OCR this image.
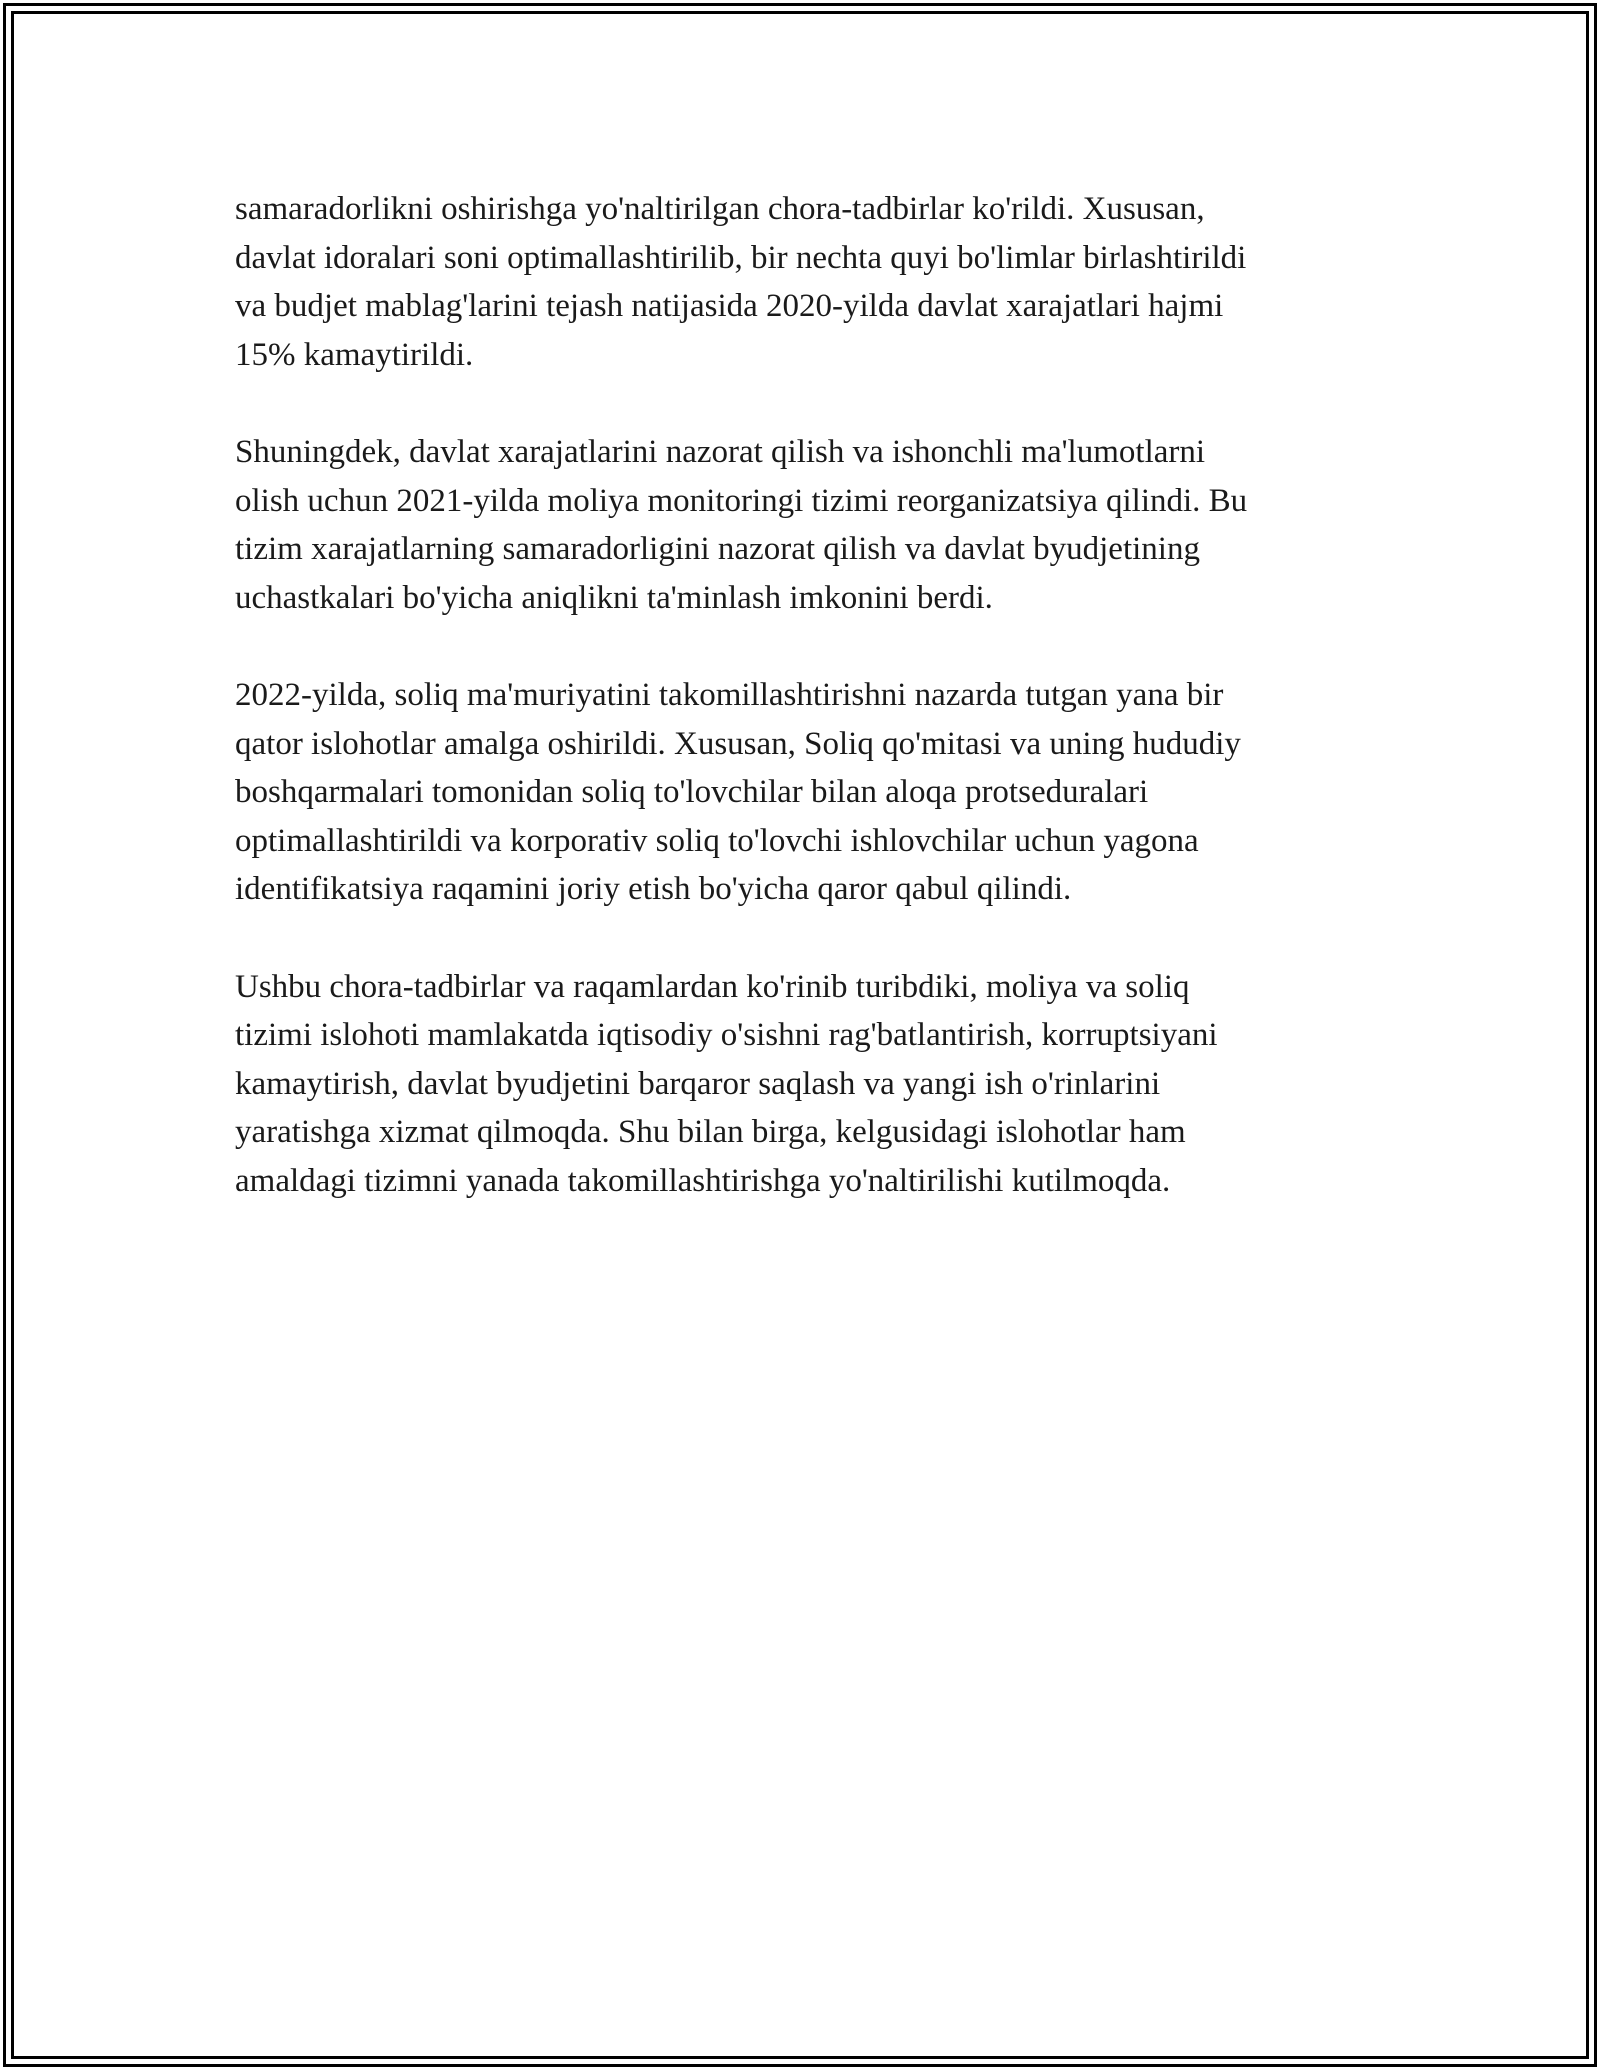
samaradorlikni oshirishga yo'naltirilgan chora-tadbirlar ko'rildi. Xususan,
davlat idoralari soni optimallashtirilib, bir nechta quyi bo'limlar birlashtirildi
va budjet mablag'larini tejash natijasida 2020-yilda davlat xarajatlari hajmi
15% kamaytirildi.

Shuningdek, davlat xarajatlarini nazorat qilish va ishonchli ma'lumotlarni
olish uchun 2021-yilda moliya monitoringi tizimi reorganizatsiya qilindi. Bu
tizim xarajatlarning samaradorligini nazorat qilish va davlat byudjetining
uchastkalari bo'yicha aniqlikni ta'minlash imkonini berdi.

2022-yilda, soliq ma'muriyatini takomillashtirishni nazarda tutgan yana bir
qator islohotlar amalga oshirildi. Xususan, Soliq qo'mitasi va uning hududiy
boshqarmalari tomonidan soliq to'lovchilar bilan aloqa protseduralari
optimallashtirildi va korporativ soliq to'lovchi ishlovchilar uchun yagona
identifikatsiya raqamini joriy etish bo'yicha qaror qabul qilindi.

Ushbu chora-tadbirlar va raqamlardan ko'rinib turibdiki, moliya va soliq
tizimi islohoti mamlakatda iqtisodiy o'sishni rag'batlantirish, korruptsiyani
kamaytirish, davlat byudjetini barqaror saqlash va yangi ish o'rinlarini
yaratishga xizmat qilmoqda. Shu bilan birga, kelgusidagi islohotlar ham
amaldagi tizimni yanada takomillashtirishga yo'naltirilishi kutilmoqda.
